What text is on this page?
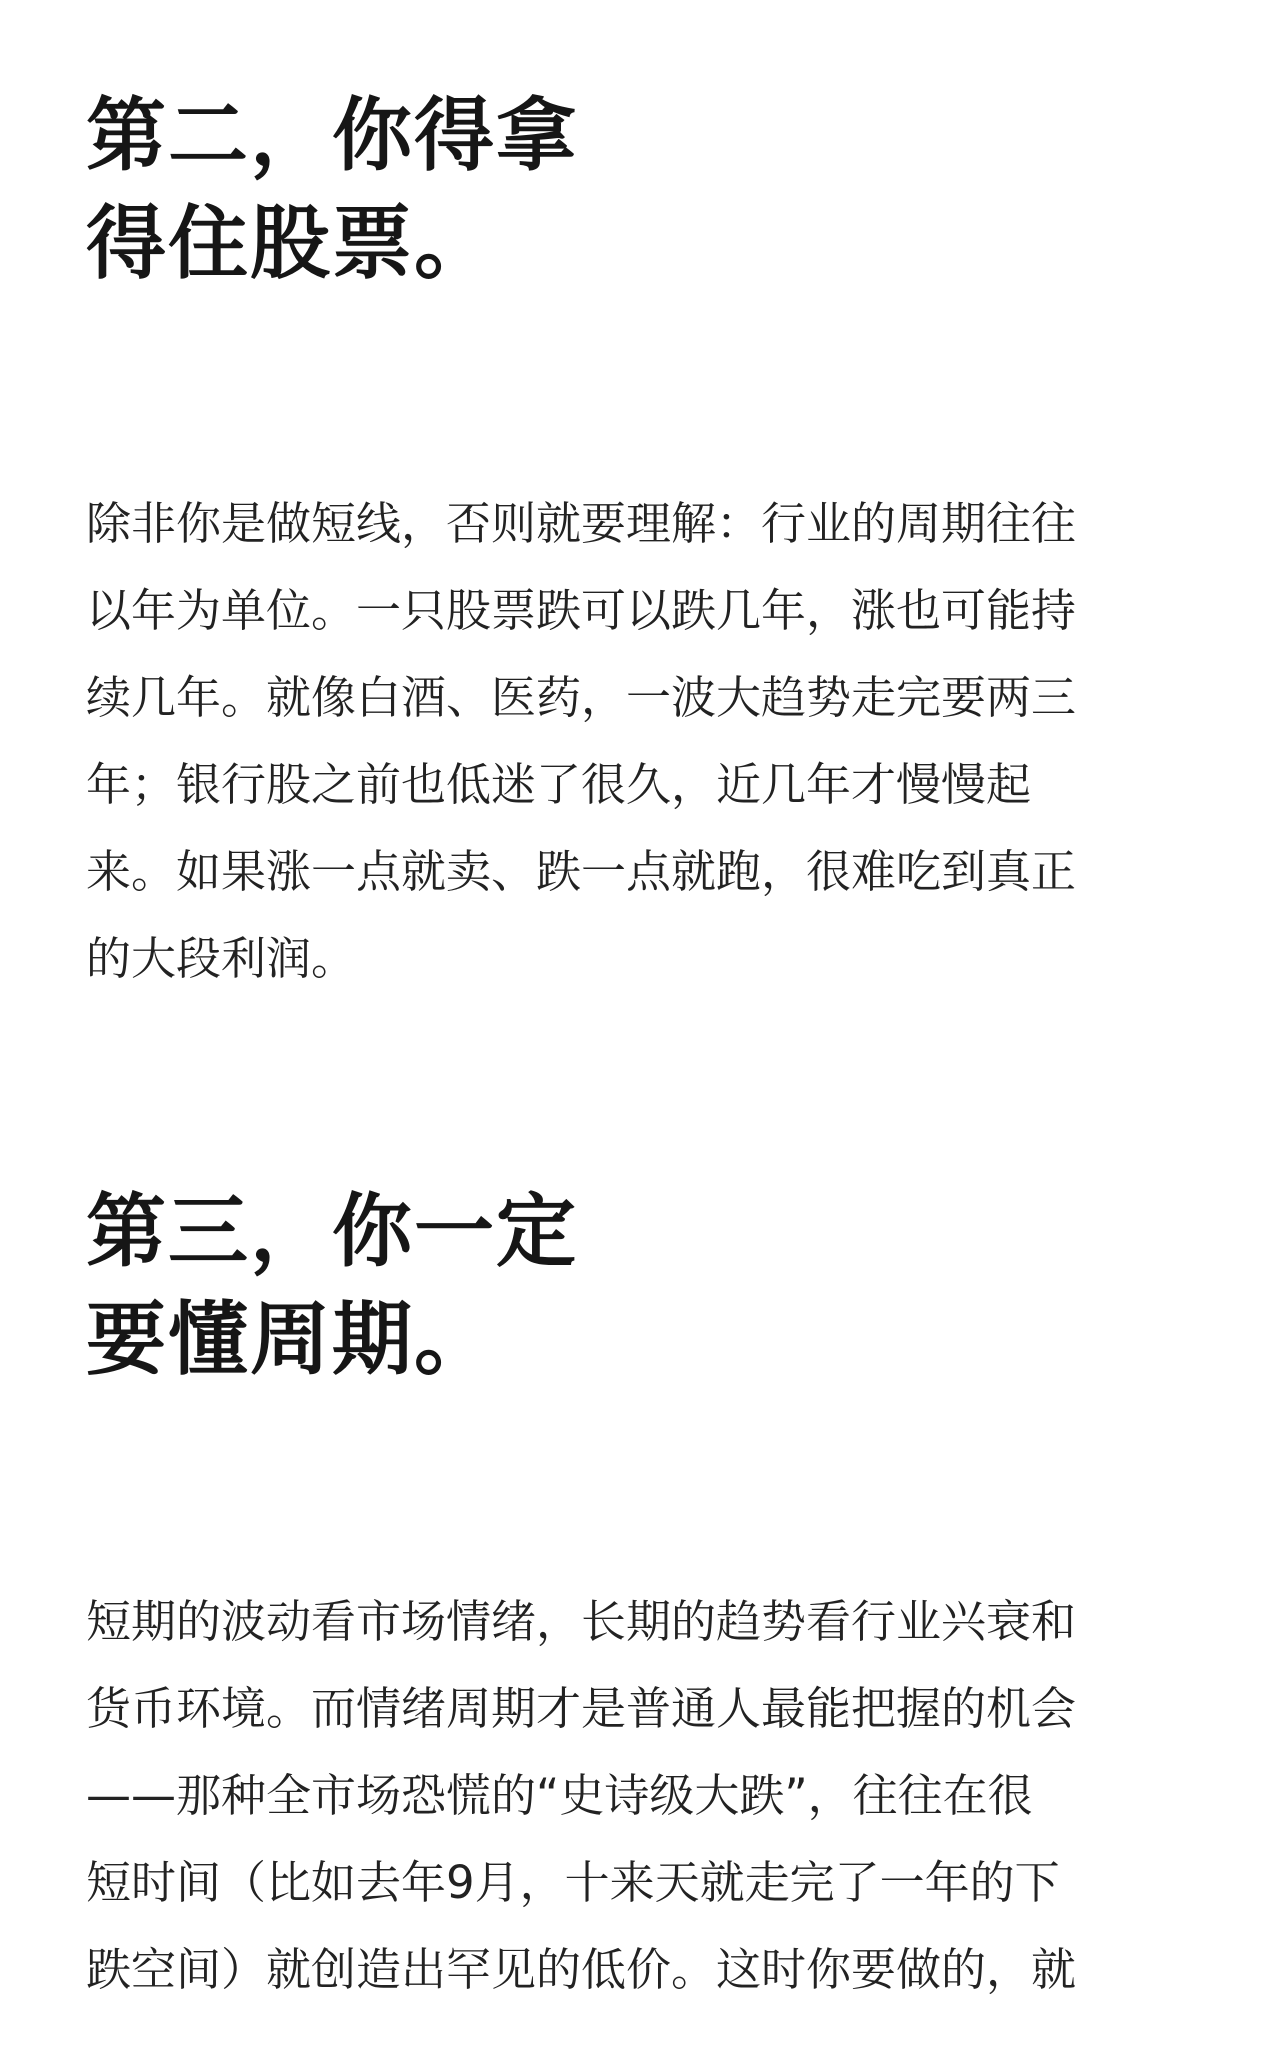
第二，你得拿
得住股票。

除非你是做短线，否则就要理解：行业的周期往往
以年为单位。一只股票跌可以跌几年，涨也可能持
续几年。就像白酒、医药，一波大趋势走完要两三
年；银行股之前也低迷了很久，近几年才慢慢起
来。如果涨一点就卖、跌一点就跑，很难吃到真正
的大段利润。

第三，你一定
要懂周期。

短期的波动看市场情绪，长期的趋势看行业兴衰和
货币环境。而情绪周期才是普通人最能把握的机会
——那种全市场恐慌的“史诗级大跌”，往往在很
短时间（比如去年9月，十来天就走完了一年的下
跌空间）就创造出罕见的低价。这时你要做的，就
